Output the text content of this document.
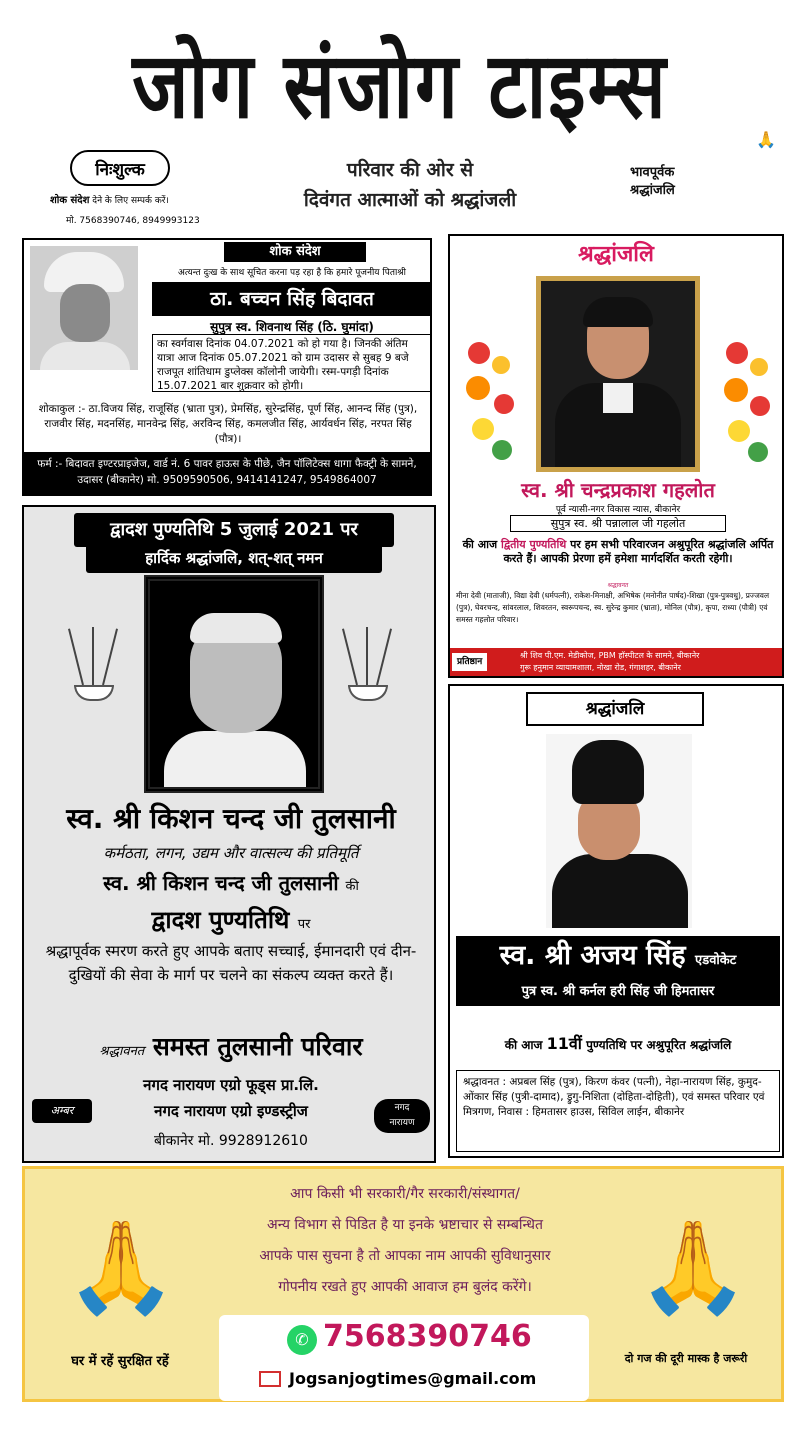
जोग संजोग टाइम्स
निःशुल्क
शोक संदेश देने के लिए सम्पर्क करें।
मो. 7568390746, 8949993123
परिवार की ओर से
दिवंगत आत्माओं को श्रद्धांजली
🙏
भावपूर्वक
श्रद्धांजलि
शोक संदेश
अत्यन्त दुःख के साथ सूचित करना पड़ रहा है कि हमारे पूजनीय पिताश्री
ठा. बच्चन सिंह बिदावत
सुपुत्र स्व. शिवनाथ सिंह (ठि. घुमांदा)
का स्वर्गवास दिनांक 04.07.2021 को हो गया है। जिनकी अंतिम यात्रा आज दिनांक 05.07.2021 को ग्राम उदासर से सुबह 9 बजे राजपूत शांतिधाम डुप्लेक्स कॉलोनी जायेगी। रस्म-पगड़ी दिनांक 15.07.2021 बार शुक्रवार को होगी।
शोकाकुल :- ठा.विजय सिंह, राजूसिंह (भ्राता पुत्र), प्रेमसिंह, सुरेन्द्रसिंह, पूर्ण सिंह, आनन्द सिंह (पुत्र), राजवीर सिंह, मदनसिंह, मानवेन्द्र सिंह, अरविन्द सिंह, कमलजीत सिंह, आर्यवर्धन सिंह, नरपत सिंह (पौत्र)।
फर्म :- बिदावत इण्टरप्राइजेज, वार्ड नं. 6 पावर हाऊस के पीछे, जैन पॉलिटेक्स धागा फैक्ट्री के सामने, उदासर (बीकानेर) मो. 9509590506, 9414141247, 9549864007
श्रद्धांजलि
स्व. श्री चन्द्रप्रकाश गहलोत
पूर्व न्यासी-नगर विकास न्यास, बीकानेर
सुपुत्र स्व. श्री पन्नालाल जी गहलोत
की आज द्वितीय पुण्यतिथि पर हम सभी परिवारजन अश्रुपूरित श्रद्धांजलि अर्पित करते हैं। आपकी प्रेरणा हमें हमेशा मार्गदर्शित करती रहेगी।
श्रद्धावनत
मीना देवी (माताजी), विद्या देवी (धर्मपत्नी), राकेश-मिनाक्षी, अभिषेक (मनोनीत पार्षद)-शिखा (पुत्र-पुत्रवधु), प्रज्जवल (पुत्र), घेवरचन्द, सांवरलाल, शिवरतन, स्वरूपचन्द, स्व. सुरेन्द्र कुमार (भ्राता), मोनिल (पौत्र), कृपा, राध्या (पौत्री) एवं समस्त गहलोत परिवार।
प्रतिष्ठान
श्री शिव पी.एम. मेडीकोज, PBM हॉस्पीटल के सामने, बीकानेर
गुरू हनुमान व्यायामशाला, नोखा रोड, गंगाशहर, बीकानेर
द्वादश पुण्यतिथि 5 जुलाई 2021 पर
हार्दिक श्रद्धांजलि, शत्-शत् नमन
स्व. श्री किशन चन्द जी तुलसानी
कर्मठता, लगन, उद्यम और वात्सल्य की प्रतिमूर्ति
स्व. श्री किशन चन्द जी तुलसानी की
द्वादश पुण्यतिथि पर
श्रद्धापूर्वक स्मरण करते हुए आपके बताए सच्चाई, ईमानदारी एवं दीन-दुखियों की सेवा के मार्ग पर चलने का संकल्प व्यक्त करते हैं।
श्रद्धावनत समस्त तुलसानी परिवार
नगद नारायण एग्रो फूड्स प्रा.लि.
अम्बर	नगद नारायण एग्रो इण्डस्ट्रीज	नगद
नारायण
बीकानेर मो. 9928912610
श्रद्धांजलि
स्व. श्री अजय सिंह एडवोकेट
पुत्र स्व. श्री कर्नल हरी सिंह जी हिमतासर
की आज 11वीं पुण्यतिथि पर अश्रुपूरित श्रद्धांजलि
श्रद्धावनत : अप्रबल सिंह (पुत्र), किरण कंवर (पत्नी), नेहा-नारायण सिंह, कुमुद-ओंकार सिंह (पुत्री-दामाद), ड्रुगु-निशिता (दोहिता-दोहिती), एवं समस्त परिवार एवं मित्रगण, निवास : हिमतासर हाउस, सिविल लाईन, बीकानेर
🙏
आप किसी भी सरकारी/गैर सरकारी/संस्थागत/
अन्य विभाग से पिडित है या इनके भ्रष्टाचार से सम्बन्धित
आपके पास सुचना है तो आपका नाम आपकी सुविधानुसार
गोपनीय रखते हुए आपकी आवाज हम बुलंद करेंगे।	🙏
✆ 7568390746
Jogsanjogtimes@gmail.com
घर में रहें सुरक्षित रहें	दो गज की दूरी मास्क है जरूरी
